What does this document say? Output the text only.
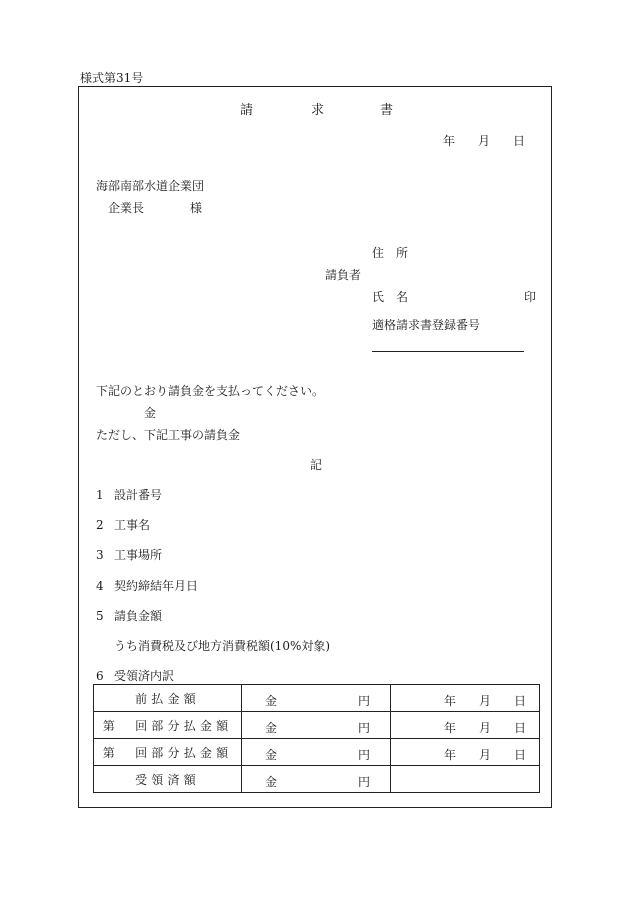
様式第31号
請	求	書
年 月 日
海部南部水道企業団
企業長	様
住　所
請負者
氏　名	印
適格請求書登録番号
下記のとおり請負金を支払ってください。
金
ただし、下記工事の請負金
記
1 設計番号
2 工事名
3 工事場所
4 契約締結年月日
5 請負金額
うち消費税及び地方消費税額(10%対象)
6 受領済内訳
前払金額	金 円	年 月 日

第　回部分払金額	金 円	年 月 日

第　回部分払金額	金 円	年 月 日

受領済額	金 円	
